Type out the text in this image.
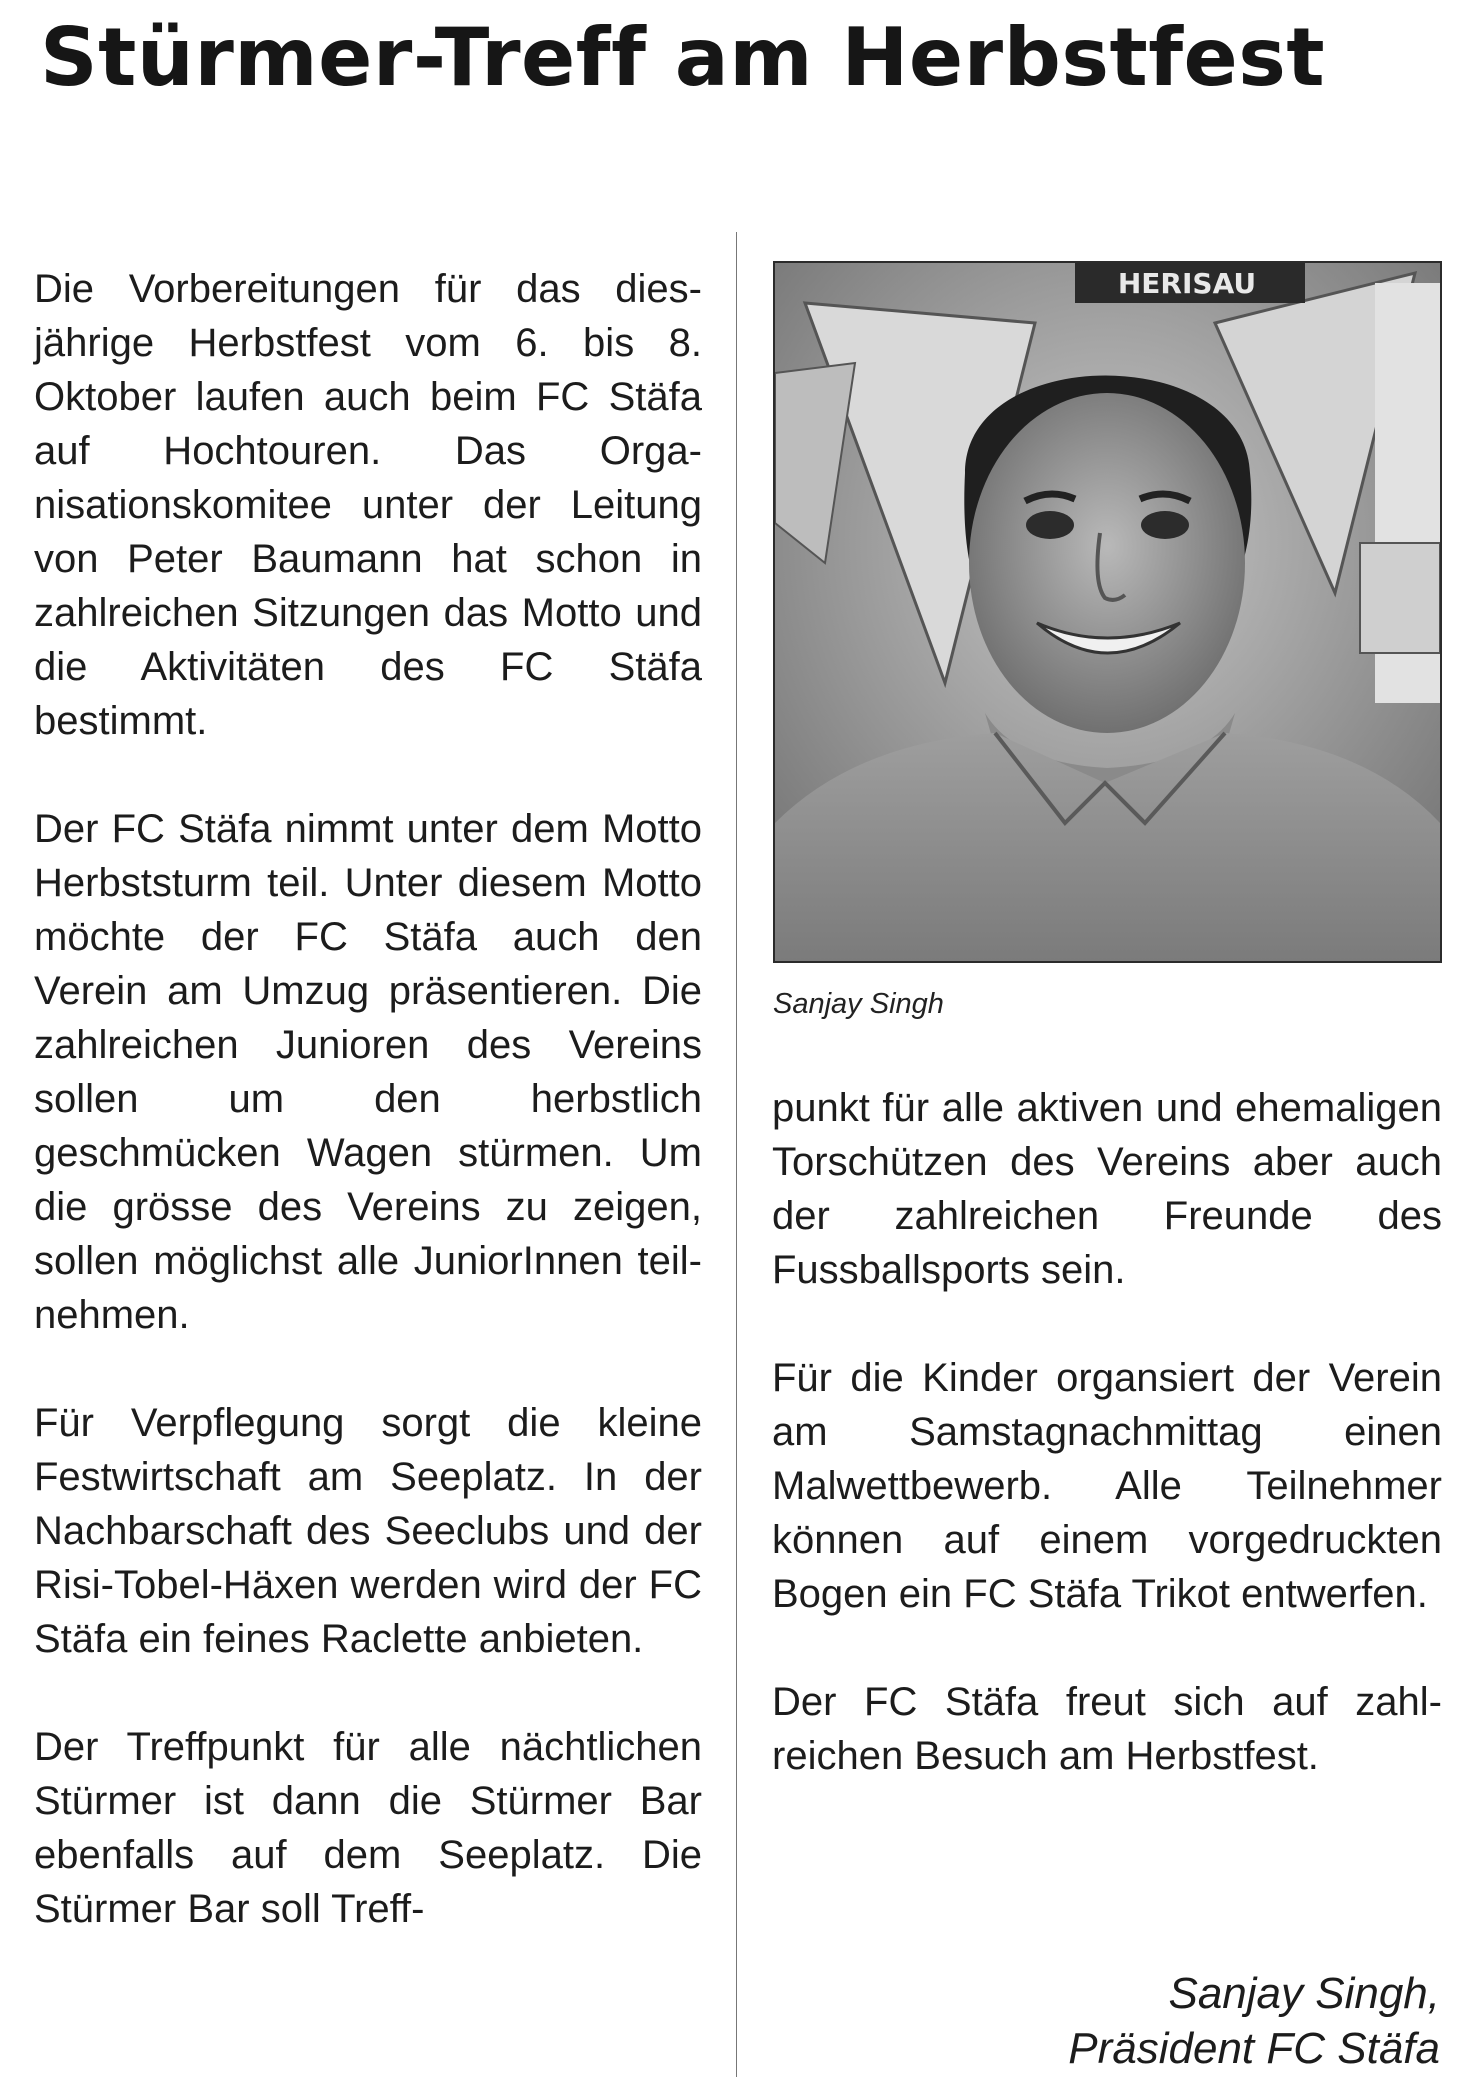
Stürmer-Treff am Herbstfest

Die Vorbereitungen für das diesjährige Herbstfest vom 6. bis 8. Oktober laufen auch beim FC Stäfa auf Hochtouren. Das Organisationskomitee unter der Leitung von Peter Baumann hat schon in zahlreichen Sitzungen das Motto und die Aktivitäten des FC Stäfa bestimmt.

Der FC Stäfa nimmt unter dem Motto Herbststurm teil. Unter diesem Motto möchte der FC Stäfa auch den Verein am Umzug präsentieren. Die zahlreichen Junioren des Vereins sollen um den herbstlich geschmücken Wagen stürmen. Um die grösse des Vereins zu zeigen, sollen möglichst alle JuniorInnen teilnehmen.

Für Verpflegung sorgt die kleine Festwirtschaft am Seeplatz. In der Nachbarschaft des Seeclubs und der Risi-Tobel-Häxen werden wird der FC Stäfa ein feines Raclette anbieten.

Der Treffpunkt für alle nächtlichen Stürmer ist dann die Stürmer Bar ebenfalls auf dem Seeplatz. Die Stürmer Bar soll Treff-

HERISAU
Sanjay Singh

punkt für alle aktiven und ehemaligen Torschützen des Vereins aber auch der zahlreichen Freunde des Fussballsports sein.

Für die Kinder organsiert der Verein am Samstagnachmittag einen Malwettbewerb. Alle Teilnehmer können auf einem vorgedruckten Bogen ein FC Stäfa Trikot entwerfen.

Der FC Stäfa freut sich auf zahlreichen Besuch am Herbstfest.

Sanjay Singh,
Präsident FC Stäfa
